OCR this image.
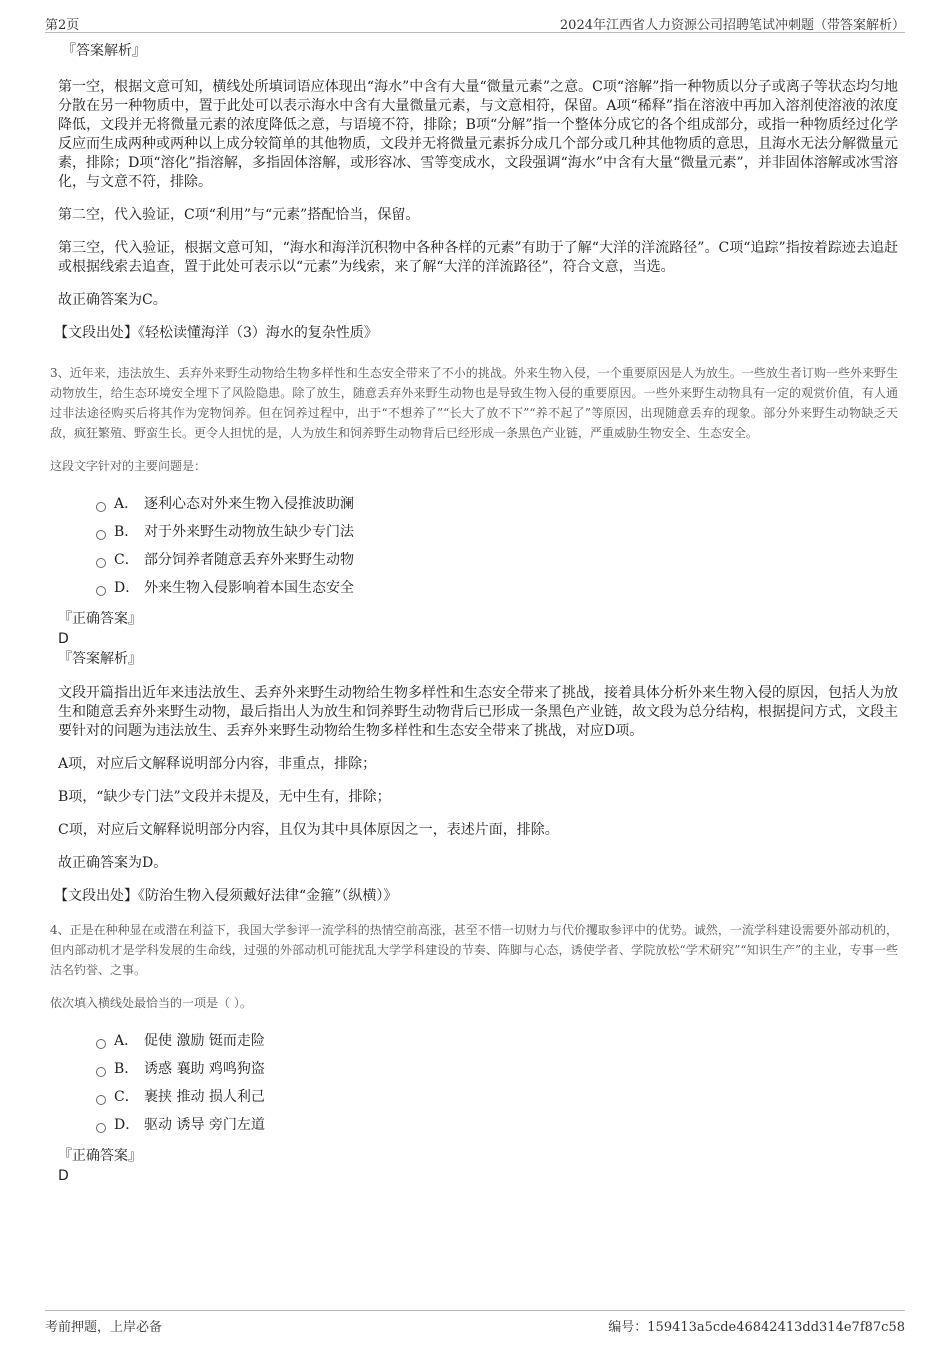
第2页	2024年江西省人力资源公司招聘笔试冲刺题（带答案解析）
『答案解析』

第一空，根据文意可知，横线处所填词语应体现出“海水”中含有大量“微量元素”之意。C项“溶解”指一种物质以分子或离子等状态均匀地分散在另一种物质中，置于此处可以表示海水中含有大量微量元素，与文意相符，保留。A项“稀释”指在溶液中再加入溶剂使溶液的浓度降低，文段并无将微量元素的浓度降低之意，与语境不符，排除；B项“分解”指一个整体分成它的各个组成部分，或指一种物质经过化学反应而生成两种或两种以上成分较简单的其他物质，文段并无将微量元素拆分成几个部分或几种其他物质的意思，且海水无法分解微量元素，排除；D项“溶化”指溶解，多指固体溶解，或形容冰、雪等变成水，文段强调“海水”中含有大量“微量元素”，并非固体溶解或冰雪溶化，与文意不符，排除。

第二空，代入验证，C项“利用”与“元素”搭配恰当，保留。

第三空，代入验证，根据文意可知，“海水和海洋沉积物中各种各样的元素”有助于了解“大洋的洋流路径”。C项“追踪”指按着踪迹去追赶或根据线索去追查，置于此处可表示以“元素”为线索，来了解“大洋的洋流路径”，符合文意，当选。

故正确答案为C。

【文段出处】《轻松读懂海洋（3）海水的复杂性质》

3、近年来，违法放生、丢弃外来野生动物给生物多样性和生态安全带来了不小的挑战。外来生物入侵，一个重要原因是人为放生。一些放生者订购一些外来野生动物放生，给生态环境安全埋下了风险隐患。除了放生，随意丢弃外来野生动物也是导致生物入侵的重要原因。一些外来野生动物具有一定的观赏价值，有人通过非法途径购买后将其作为宠物饲养。但在饲养过程中，出于“不想养了”“长大了放不下”“养不起了”等原因，出现随意丢弃的现象。部分外来野生动物缺乏天敌，疯狂繁殖、野蛮生长。更令人担忧的是，人为放生和饲养野生动物背后已经形成一条黑色产业链，严重威胁生物安全、生态安全。

这段文字针对的主要问题是：

A． 逐利心态对外来生物入侵推波助澜
B． 对于外来野生动物放生缺少专门法
C． 部分饲养者随意丢弃外来野生动物
D． 外来生物入侵影响着本国生态安全
『正确答案』
D
『答案解析』

文段开篇指出近年来违法放生、丢弃外来野生动物给生物多样性和生态安全带来了挑战，接着具体分析外来生物入侵的原因，包括人为放生和随意丢弃外来野生动物，最后指出人为放生和饲养野生动物背后已形成一条黑色产业链，故文段为总分结构，根据提问方式，文段主要针对的问题为违法放生、丢弃外来野生动物给生物多样性和生态安全带来了挑战，对应D项。

A项，对应后文解释说明部分内容，非重点，排除；

B项，“缺少专门法”文段并未提及，无中生有，排除；

C项，对应后文解释说明部分内容，且仅为其中具体原因之一，表述片面，排除。

故正确答案为D。

【文段出处】《防治生物入侵须戴好法律“金箍”（纵横）》

4、正是在种种显在或潜在利益下，我国大学参评一流学科的热情空前高涨，甚至不惜一切财力与代价攫取参评中的优势。诚然，一流学科建设需要外部动机的，但内部动机才是学科发展的生命线，过强的外部动机可能扰乱大学学科建设的节奏、阵脚与心态，诱使学者、学院放松“学术研究”“知识生产”的主业，专事一些沽名钓誉、之事。

依次填入横线处最恰当的一项是（ ）。

A． 促使 激励 铤而走险
B． 诱惑 襄助 鸡鸣狗盗
C． 裹挟 推动 损人利己
D． 驱动 诱导 旁门左道
『正确答案』
D
考前押题，上岸必备	编号：159413a5cde46842413dd314e7f87c58
